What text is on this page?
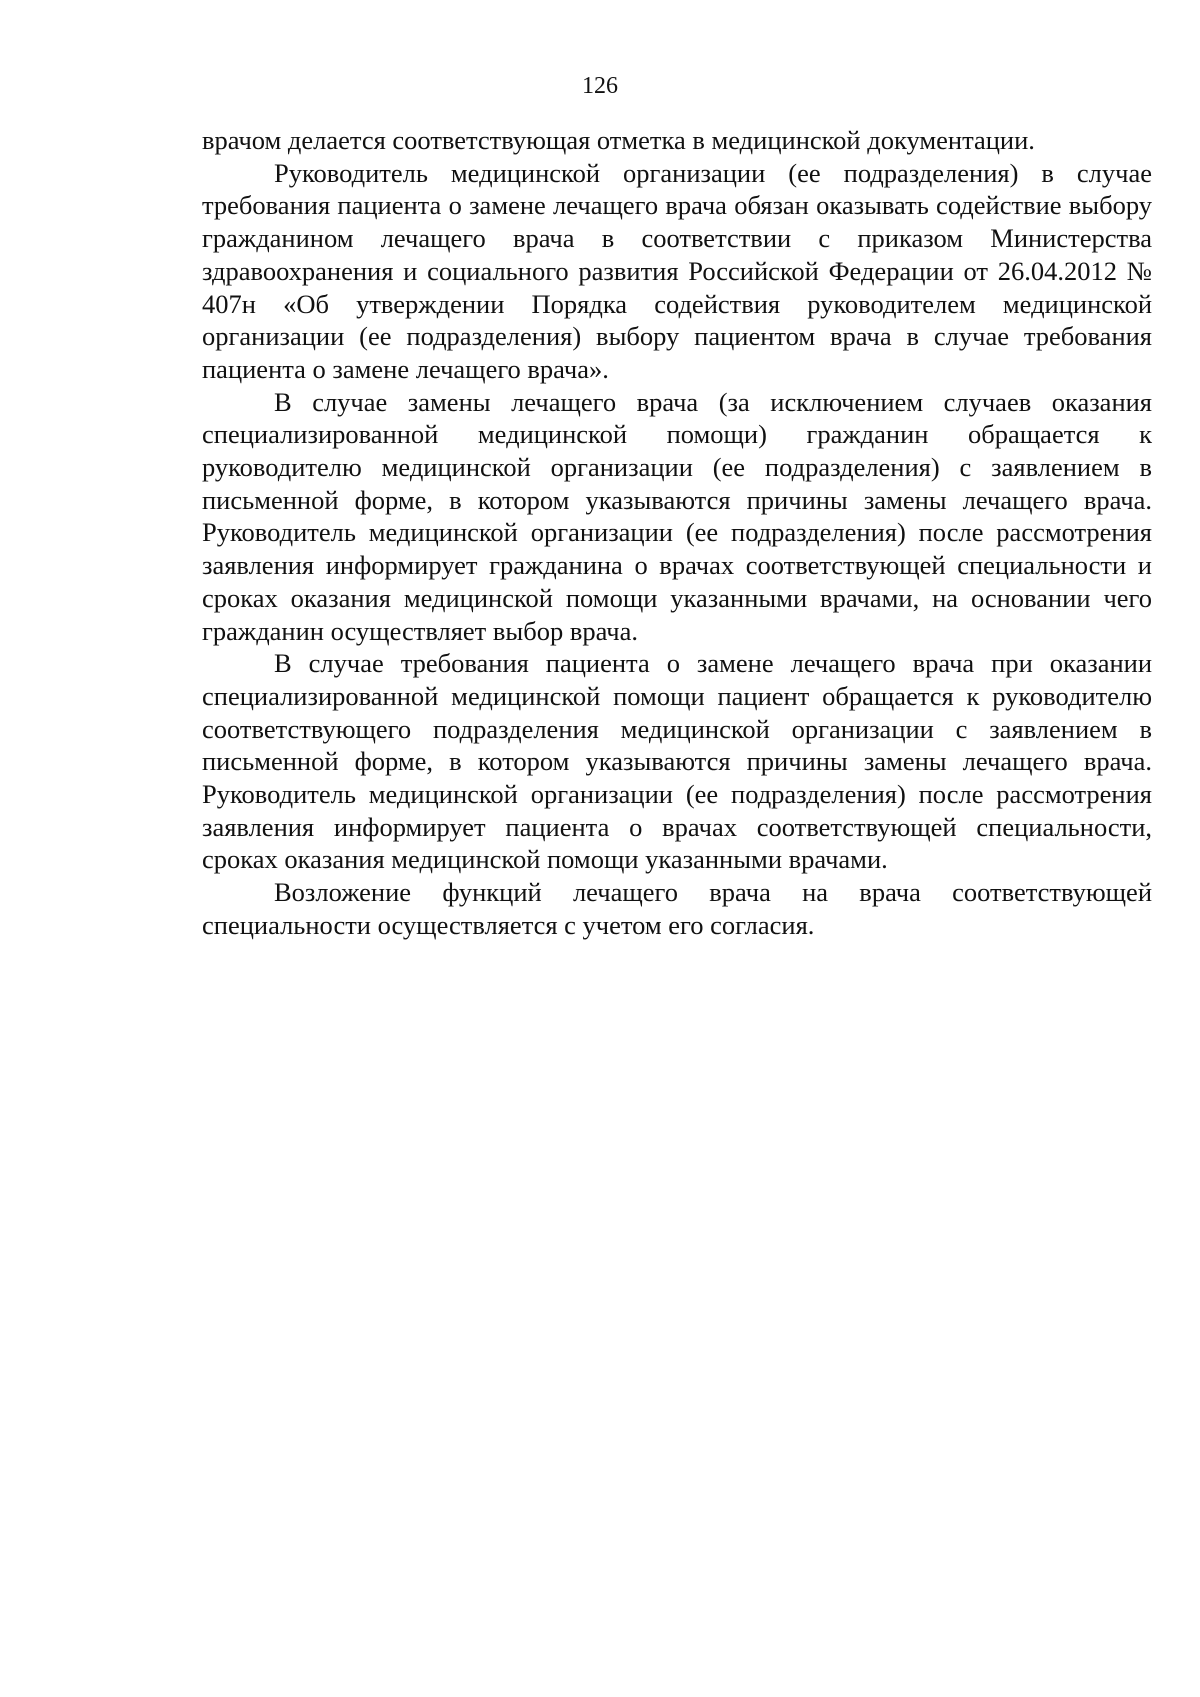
126

врачом делается соответствующая отметка в медицинской документации.

Руководитель медицинской организации (ее подразделения) в случае требования пациента о замене лечащего врача обязан оказывать содействие выбору гражданином лечащего врача в соответствии с приказом Министерства здравоохранения и социального развития Российской Федерации от 26.04.2012 № 407н «Об утверждении Порядка содействия руководителем медицинской организации (ее подразделения) выбору пациентом врача в случае требования пациента о замене лечащего врача».

В случае замены лечащего врача (за исключением случаев оказания специализированной медицинской помощи) гражданин обращается к руководителю медицинской организации (ее подразделения) с заявлением в письменной форме, в котором указываются причины замены лечащего врача. Руководитель медицинской организации (ее подразделения) после рассмотрения заявления информирует гражданина о врачах соответствующей специальности и сроках оказания медицинской помощи указанными врачами, на основании чего гражданин осуществляет выбор врача.

В случае требования пациента о замене лечащего врача при оказании специализированной медицинской помощи пациент обращается к руководителю соответствующего подразделения медицинской организации с заявлением в письменной форме, в котором указываются причины замены лечащего врача. Руководитель медицинской организации (ее подразделения) после рассмотрения заявления информирует пациента о врачах соответствующей специальности, сроках оказания медицинской помощи указанными врачами.

Возложение функций лечащего врача на врача соответствующей специальности осуществляется с учетом его согласия.
